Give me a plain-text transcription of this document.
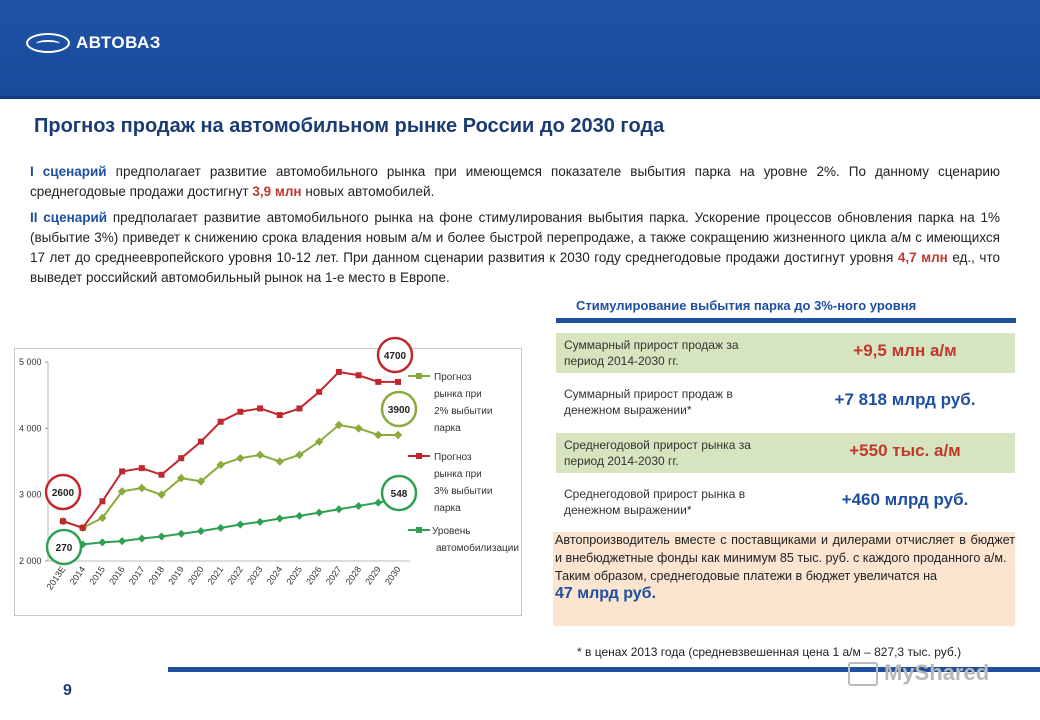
АВТОВАЗ
Прогноз продаж на автомобильном рынке России до 2030 года
I сценарий предполагает развитие автомобильного рынка при имеющемся показателе выбытия парка на уровне 2%. По данному сценарию среднегодовые продажи достигнут 3,9 млн новых автомобилей.
II сценарий предполагает развитие автомобильного рынка на фоне стимулирования выбытия парка. Ускорение процессов обновления парка на 1% (выбытие 3%) приведет к снижению срока владения новым а/м и более быстрой перепродаже, а также сокращению жизненного цикла а/м с имеющихся 17 лет до среднеевропейского уровня 10-12 лет. При данном сценарии развития к 2030 году среднегодовые продажи достигнут уровня 4,7 млн ед., что выведет российский автомобильный рынок на 1-е место в Европе.
Стимулирование выбытия парка до 3%-ного уровня
Суммарный прирост продаж за период 2014-2030 гг.
+9,5 млн а/м
Суммарный прирост продаж в денежном выражении*
+7 818 млрд руб.
Среднегодовой прирост рынка за период 2014-2030 гг.
+550 тыс. а/м
Среднегодовой прирост рынка в денежном выражении*
+460 млрд руб.
Автопроизводитель вместе с поставщиками и дилерами отчисляет в бюджет и внебюджетные фонды как минимум 85 тыс. руб. с каждого проданного а/м.
Таким образом, среднегодовые платежи в бюджет увеличатся на
47 млрд руб.
2 000
3 000
4 000
5 000
2013E 2014 2015 2016 2017 2018 2019 2020 2021 2022 2023 2024 2025 2026 2027 2028 2029 2030
Прогноз
рынка при
2% выбытии
парка
Прогноз
рынка при
3% выбытии
парка
Уровень
автомобилизации
4700
3900
2600	548
270
* в ценах 2013 года (средневзвешенная цена 1 а/м – 827,3 тыс. руб.)
9
MyShared
